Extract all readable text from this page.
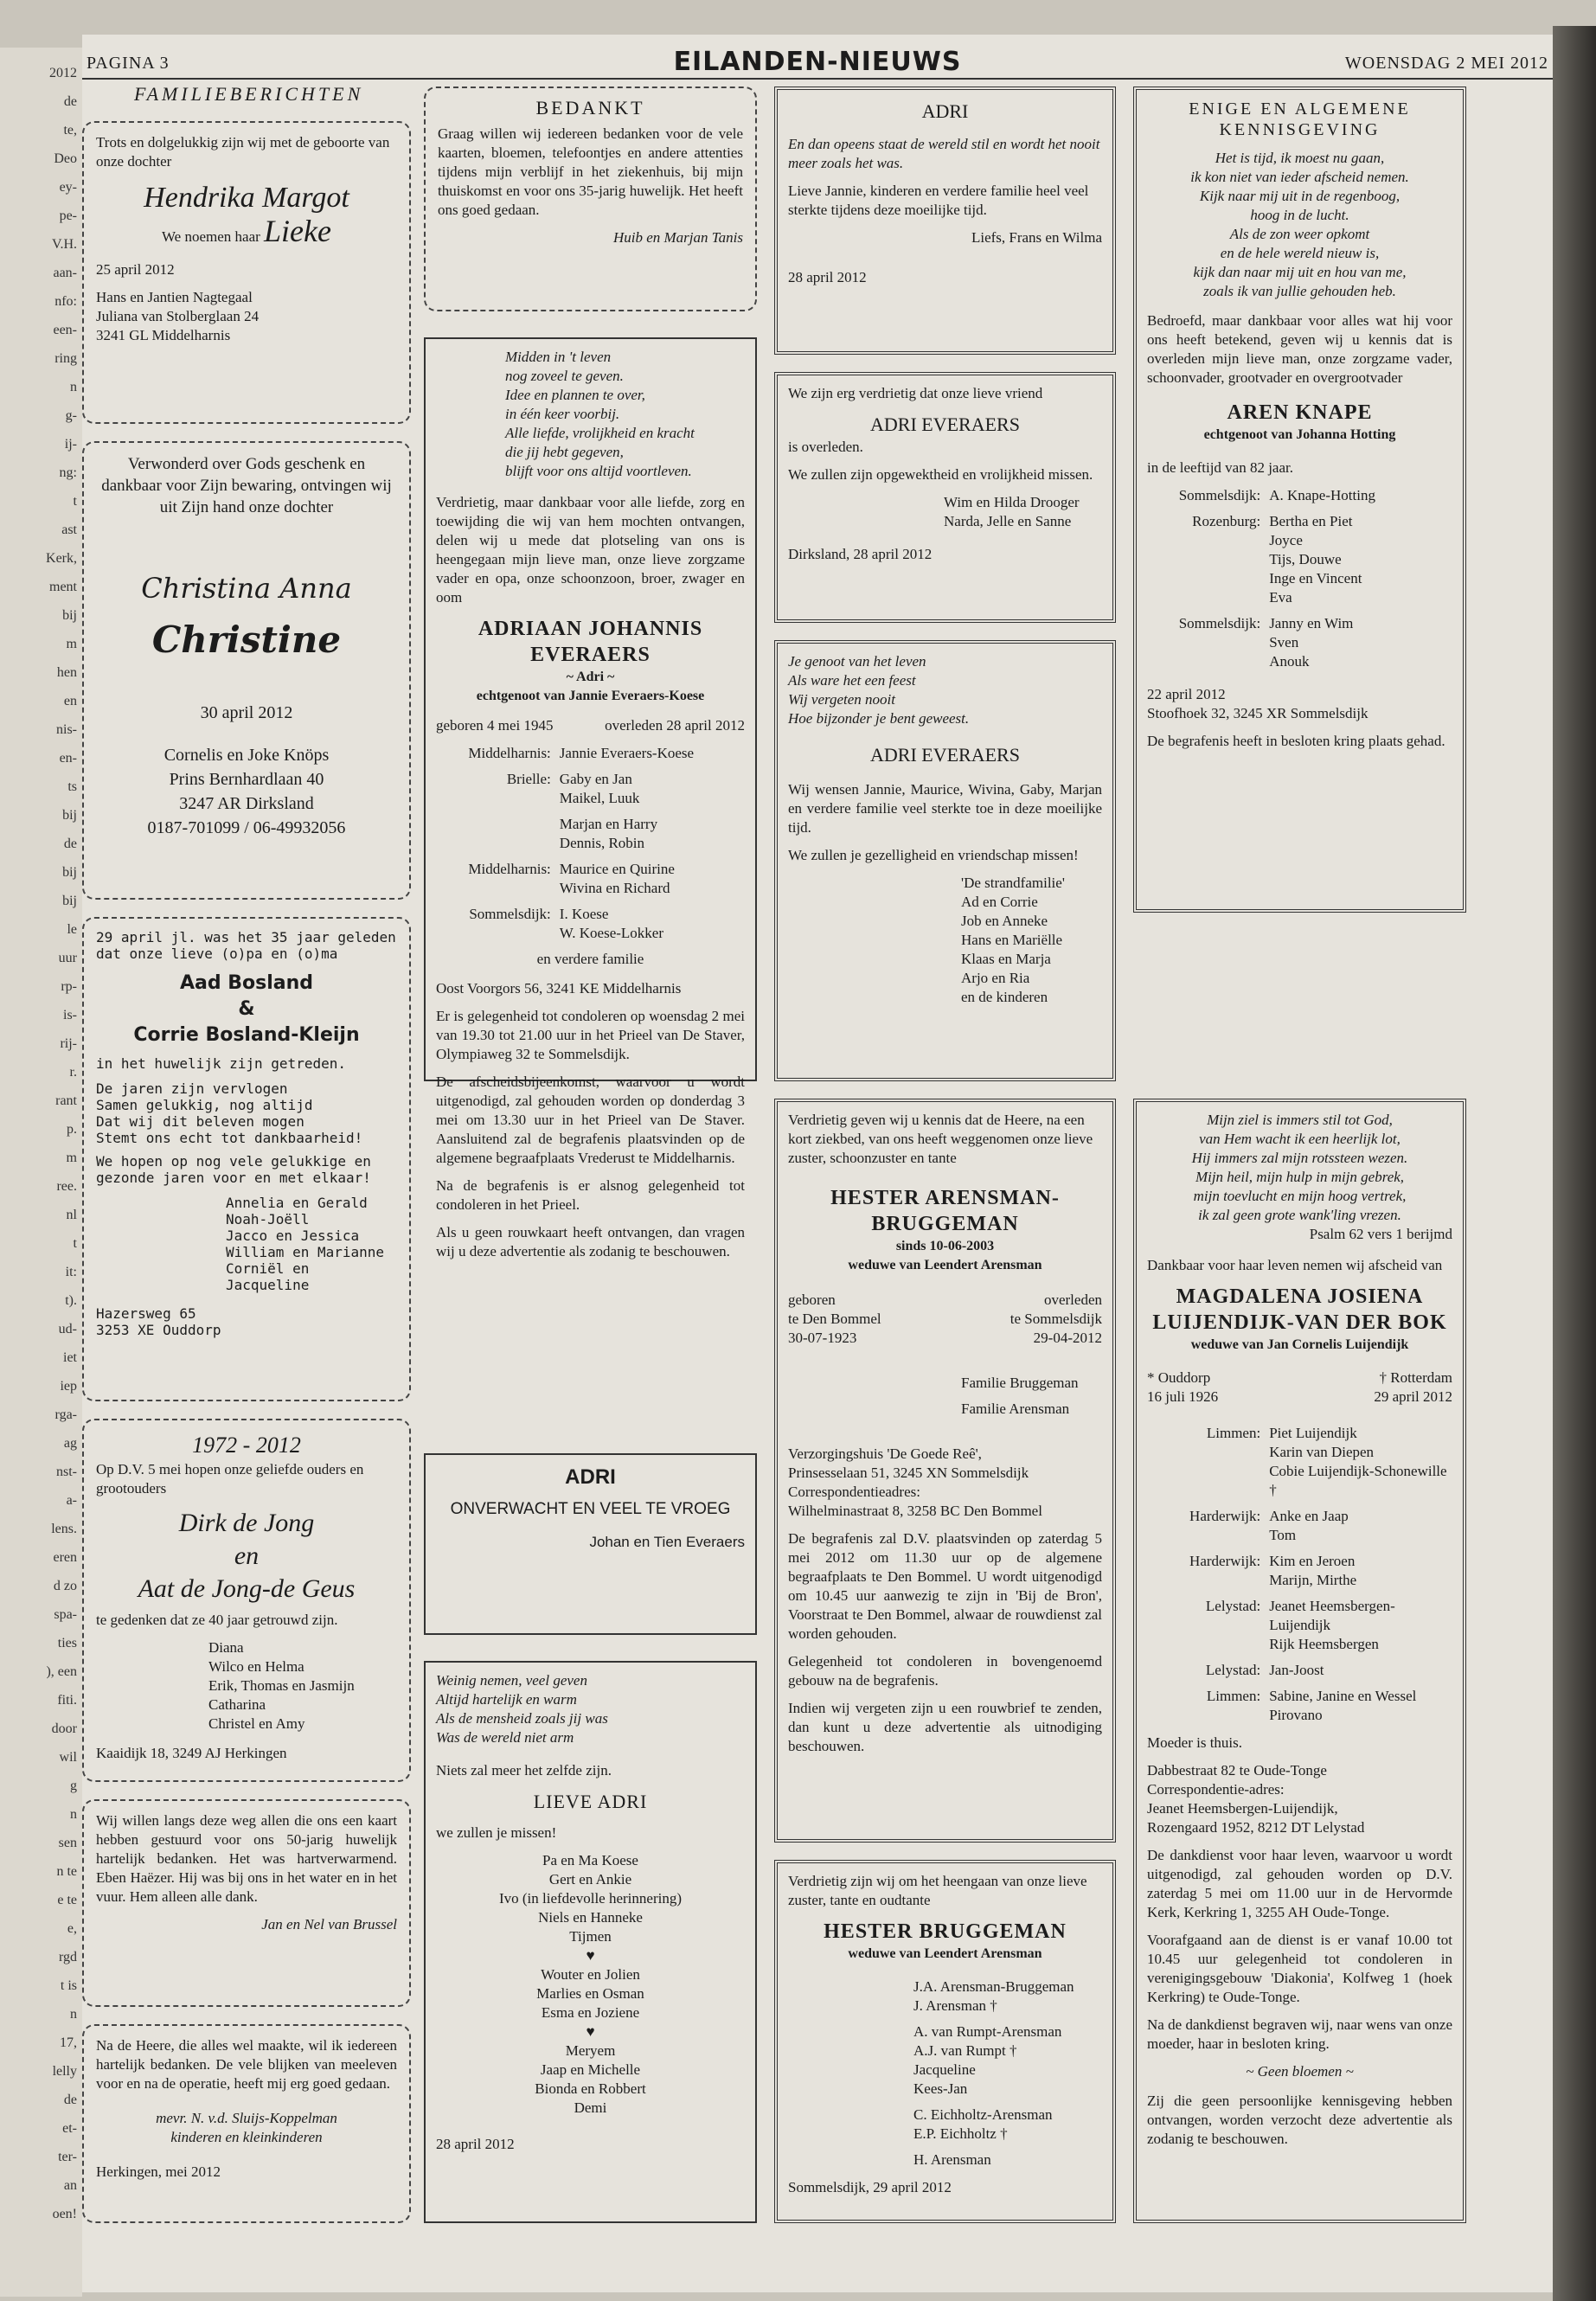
2012
de
te,
Deo
ey-
pe-
V.H.
aan-
nfo:
een-
ring
n
g-
ij-
ng:
t
ast
Kerk,
ment
bij
m
hen
en
nis-
en-
ts
bij
de
bij
bij
le
uur
rp-
is-
rij-
r.
rant
p.
m
ree.
nl
t
it:
t).
ud-
iet
iep
rga-
ag
nst-
a-
lens.
eren
d zo
spa-
ties
), een
fiti.
door
wil
g
n
sen
n te
e te
e,
rgd
t is
n
17,
lelly
de
et-
ter-
an
oen!
PAGINA 3	EILANDEN-NIEUWS	WOENSDAG 2 MEI 2012
FAMILIEBERICHTEN

Trots en dolgelukkig zijn wij met de geboorte van onze dochter

Hendrika Margot
We noemen haar Lieke

25 april 2012

Hans en Jantien Nagtegaal
Juliana van Stolberglaan 24
3241 GL Middelharnis

Verwonderd over Gods geschenk en dankbaar voor Zijn bewaring, ontvingen wij uit Zijn hand onze dochter

Christina Anna
Christine
30 april 2012
Cornelis en Joke Knöps
Prins Bernhardlaan 40
3247 AR Dirksland
0187-701099 / 06-49932056

29 april jl. was het 35 jaar geleden dat onze lieve (o)pa en (o)ma

Aad Bosland
&
Corrie Bosland-Kleijn

in het huwelijk zijn getreden.

De jaren zijn vervlogen
Samen gelukkig, nog altijd
Dat wij dit beleven mogen
Stemt ons echt tot dankbaarheid!

We hopen op nog vele gelukkige en gezonde jaren voor en met elkaar!

Annelia en Gerald
Noah-Joëll
Jacco en Jessica
William en Marianne
Corniël en Jacqueline
Hazersweg 65
3253 XE Ouddorp
1972 - 2012

Op D.V. 5 mei hopen onze geliefde ouders en grootouders

Dirk de Jong
en
Aat de Jong-de Geus

te gedenken dat ze 40 jaar getrouwd zijn.

Diana
Wilco en Helma
Erik, Thomas en Jasmijn
Catharina
Christel en Amy
Kaaidijk 18, 3249 AJ Herkingen

Wij willen langs deze weg allen die ons een kaart hebben gestuurd voor ons 50-jarig huwelijk hartelijk bedanken. Het was hartverwarmend. Eben Haëzer. Hij was bij ons in het water en in het vuur. Hem alleen alle dank.

Jan en Nel van Brussel

Na de Heere, die alles wel maakte, wil ik iedereen hartelijk bedanken. De vele blijken van meeleven voor en na de operatie, heeft mij erg goed gedaan.

mevr. N. v.d. Sluijs-Koppelman
kinderen en kleinkinderen
Herkingen, mei 2012
BEDANKT

Graag willen wij iedereen bedanken voor de vele kaarten, bloemen, telefoontjes en andere attenties tijdens mijn verblijf in het ziekenhuis, bij mijn thuiskomst en voor ons 35-jarig huwelijk. Het heeft ons goed gedaan.

Huib en Marjan Tanis
Midden in 't leven
nog zoveel te geven.
Idee en plannen te over,
in één keer voorbij.
Alle liefde, vrolijkheid en kracht
die jij hebt gegeven,
blijft voor ons altijd voortleven.

Verdrietig, maar dankbaar voor alle liefde, zorg en toewijding die wij van hem mochten ontvangen, delen wij u mede dat plotseling van ons is heengegaan mijn lieve man, onze lieve zorgzame vader en opa, onze schoonzoon, broer, zwager en oom

ADRIAAN JOHANNIS EVERAERS
~ Adri ~
echtgenoot van Jannie Everaers-Koese
geboren 4 mei 1945	overleden 28 april 2012
Middelharnis: Jannie Everaers-Koese
Brielle: Gaby en Jan
Maikel, Luuk
Marjan en Harry
Dennis, Robin
Middelharnis: Maurice en Quirine
Wivina en Richard
Sommelsdijk: I. Koese
W. Koese-Lokker
en verdere familie

Oost Voorgors 56, 3241 KE Middelharnis

Er is gelegenheid tot condoleren op woensdag 2 mei van 19.30 tot 21.00 uur in het Prieel van De Staver, Olympiaweg 32 te Sommelsdijk.

De afscheidsbijeenkomst, waarvoor u wordt uitgenodigd, zal gehouden worden op donderdag 3 mei om 13.30 uur in het Prieel van De Staver. Aansluitend zal de begrafenis plaatsvinden op de algemene begraafplaats Vrederust te Middelharnis.

Na de begrafenis is er alsnog gelegenheid tot condoleren in het Prieel.

Als u geen rouwkaart heeft ontvangen, dan vragen wij u deze advertentie als zodanig te beschouwen.

ADRI
ONVERWACHT EN VEEL TE VROEG
Johan en Tien Everaers
Weinig nemen, veel geven
Altijd hartelijk en warm
Als de mensheid zoals jij was
Was de wereld niet arm

Niets zal meer het zelfde zijn.

LIEVE ADRI

we zullen je missen!

Pa en Ma Koese
Gert en Ankie
Ivo (in liefdevolle herinnering)
Niels en Hanneke
Tijmen
♥
Wouter en Jolien
Marlies en Osman
Esma en Joziene
♥
Meryem
Jaap en Michelle
Bionda en Robbert
Demi
28 april 2012
ADRI

En dan opeens staat de wereld stil en wordt het nooit meer zoals het was.

Lieve Jannie, kinderen en verdere familie heel veel sterkte tijdens deze moeilijke tijd.

Liefs, Frans en Wilma
28 april 2012

We zijn erg verdrietig dat onze lieve vriend

ADRI EVERAERS

is overleden.

We zullen zijn opgewektheid en vrolijkheid missen.

Wim en Hilda Drooger
Narda, Jelle en Sanne
Dirksland, 28 april 2012
Je genoot van het leven
Als ware het een feest
Wij vergeten nooit
Hoe bijzonder je bent geweest.
ADRI EVERAERS

Wij wensen Jannie, Maurice, Wivina, Gaby, Marjan en verdere familie veel sterkte toe in deze moeilijke tijd.

We zullen je gezelligheid en vriendschap missen!

'De strandfamilie'
Ad en Corrie
Job en Anneke
Hans en Mariëlle
Klaas en Marja
Arjo en Ria
en de kinderen

Verdrietig geven wij u kennis dat de Heere, na een kort ziekbed, van ons heeft weggenomen onze lieve zuster, schoonzuster en tante

HESTER ARENSMAN-BRUGGEMAN
sinds 10-06-2003
weduwe van Leendert Arensman
geboren
te Den Bommel
30-07-1923
overleden
te Sommelsdijk
29-04-2012
Familie Bruggeman
Familie Arensman
Verzorgingshuis 'De Goede Reê',
Prinsesselaan 51, 3245 XN Sommelsdijk
Correspondentieadres:

Wilhelminastraat 8, 3258 BC Den Bommel

De begrafenis zal D.V. plaatsvinden op zaterdag 5 mei 2012 om 11.30 uur op de algemene begraafplaats te Den Bommel. U wordt uitgenodigd om 10.45 uur aanwezig te zijn in 'Bij de Bron', Voorstraat te Den Bommel, alwaar de rouwdienst zal worden gehouden.

Gelegenheid tot condoleren in bovengenoemd gebouw na de begrafenis.

Indien wij vergeten zijn u een rouwbrief te zenden, dan kunt u deze advertentie als uitnodiging beschouwen.

Verdrietig zijn wij om het heengaan van onze lieve zuster, tante en oudtante

HESTER BRUGGEMAN
weduwe van Leendert Arensman
J.A. Arensman-Bruggeman
J. Arensman †

A. van Rumpt-Arensman
A.J. van Rumpt †
Jacqueline
Kees-Jan

C. Eichholtz-Arensman
E.P. Eichholtz †

H. Arensman
Sommelsdijk, 29 april 2012
ENIGE EN ALGEMENE KENNISGEVING
Het is tijd, ik moest nu gaan,
ik kon niet van ieder afscheid nemen.
Kijk naar mij uit in de regenboog,
hoog in de lucht.
Als de zon weer opkomt
en de hele wereld nieuw is,
kijk dan naar mij uit en hou van me,
zoals ik van jullie gehouden heb.

Bedroefd, maar dankbaar voor alles wat hij voor ons heeft betekend, geven wij u kennis dat is overleden mijn lieve man, onze zorgzame vader, schoonvader, grootvader en overgrootvader

AREN KNAPE
echtgenoot van Johanna Hotting

in de leeftijd van 82 jaar.

Sommelsdijk: A. Knape-Hotting
Rozenburg: Bertha en Piet
Joyce
Tijs, Douwe
Inge en Vincent
Eva
Sommelsdijk: Janny en Wim
Sven
Anouk
22 april 2012

Stoofhoek 32, 3245 XR Sommelsdijk

De begrafenis heeft in besloten kring plaats gehad.

Mijn ziel is immers stil tot God,
van Hem wacht ik een heerlijk lot,
Hij immers zal mijn rotssteen wezen.
Mijn heil, mijn hulp in mijn gebrek,
mijn toevlucht en mijn hoog vertrek,
ik zal geen grote wank'ling vrezen.
Psalm 62 vers 1 berijmd

Dankbaar voor haar leven nemen wij afscheid van

MAGDALENA JOSIENA LUIJENDIJK-VAN DER BOK
weduwe van Jan Cornelis Luijendijk
* Ouddorp
16 juli 1926
† Rotterdam
29 april 2012
Limmen: Piet Luijendijk
Karin van Diepen
Cobie Luijendijk-Schonewille †
Harderwijk: Anke en Jaap
Tom
Harderwijk: Kim en Jeroen
Marijn, Mirthe
Lelystad: Jeanet Heemsbergen-Luijendijk
Rijk Heemsbergen
Lelystad: Jan-Joost
Limmen: Sabine, Janine en Wessel
Pirovano

Moeder is thuis.

Dabbestraat 82 te Oude-Tonge
Correspondentie-adres:
Jeanet Heemsbergen-Luijendijk,
Rozengaard 1952, 8212 DT Lelystad

De dankdienst voor haar leven, waarvoor u wordt uitgenodigd, zal gehouden worden op D.V. zaterdag 5 mei om 11.00 uur in de Hervormde Kerk, Kerkring 1, 3255 AH Oude-Tonge.

Voorafgaand aan de dienst is er vanaf 10.00 tot 10.45 uur gelegenheid tot condoleren in verenigingsgebouw 'Diakonia', Kolfweg 1 (hoek Kerkring) te Oude-Tonge.

Na de dankdienst begraven wij, naar wens van onze moeder, haar in besloten kring.

~ Geen bloemen ~

Zij die geen persoonlijke kennisgeving hebben ontvangen, worden verzocht deze advertentie als zodanig te beschouwen.
